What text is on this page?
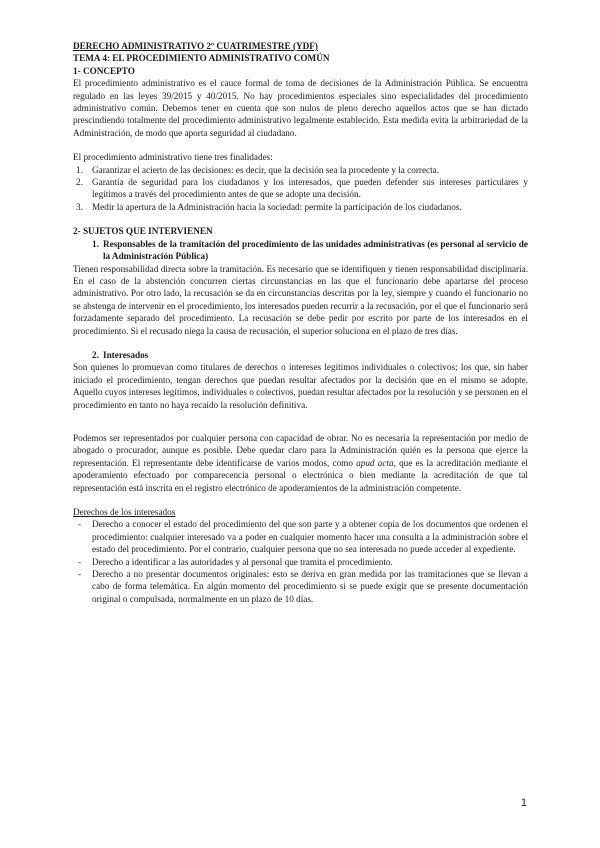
DERECHO ADMINISTRATIVO 2º CUATRIMESTRE (YDF)

TEMA 4: EL PROCEDIMIENTO ADMINISTRATIVO COMÚN

1- CONCEPTO

El procedimiento administrativo es el cauce formal de toma de decisiones de la Administración Pública. Se encuentra regulado en las leyes 39/2015 y 40/2015. No hay procedimientos especiales sino especialidades del procedimiento administrativo común. Debemos tener en cuenta que son nulos de pleno derecho aquellos actos que se han dictado prescindiendo totalmente del procedimiento administrativo legalmente establecido. Esta medida evita la arbitrariedad de la Administración, de modo que aporta seguridad al ciudadano.

El procedimiento administrativo tiene tres finalidades:

1. Garantizar el acierto de las decisiones: es decir, que la decisión sea la procedente y la correcta.
2. Garantía de seguridad para los ciudadanos y los interesados, que pueden defender sus intereses particulares y legítimos a través del procedimiento antes de que se adopte una decisión.
3. Medir la apertura de la Administración hacia la sociedad: permite la participación de los ciudadanos.

2- SUJETOS QUE INTERVIENEN

1. Responsables de la tramitación del procedimiento de las unidades administrativas (es personal al servicio de la Administración Pública)

Tienen responsabilidad directa sobre la tramitación. Es necesario que se identifiquen y tienen responsabilidad disciplinaria. En el caso de la abstención concurren ciertas circunstancias en las que el funcionario debe apartarse del proceso administrativo. Por otro lado, la recusación se da en circunstancias descritas por la ley, siempre y cuando el funcionario no se abstenga de intervenir en el procedimiento, los interesados pueden recurrir a la recusación, por el que el funcionario será forzadamente separado del procedimiento. La recusación se debe pedir por escrito por parte de los interesados en el procedimiento. Si el recusado niega la causa de recusación, el superior soluciona en el plazo de tres días.

2. Interesados

Son quienes lo promuevan como titulares de derechos o intereses legítimos individuales o colectivos; los que, sin haber iniciado el procedimiento, tengan derechos que puedan resultar afectados por la decisión que en el mismo se adopte. Aquello cuyos intereses legítimos, individuales o colectivos, puedan resultar afectados por la resolución y se personen en el procedimiento en tanto no haya recaído la resolución definitiva.

Podemos ser representados por cualquier persona con capacidad de obrar. No es necesaria la representación por medio de abogado o procurador, aunque es posible. Debe quedar claro para la Administración quién es la persona que ejerce la representación. El representante debe identificarse de varios modos, como apud acta, que es la acreditación mediante el apoderamiento efectuado por comparecencia personal o electrónica o bien mediante la acreditación de que tal representación está inscrita en el registro electrónico de apoderamientos de la administración competente.

Derechos de los interesados

- Derecho a conocer el estado del procedimiento del que son parte y a obtener copia de los documentos que ordenen el procedimiento: cualquier interesado va a poder en cualquier momento hacer una consulta a la administración sobre el estado del procedimiento. Por el contrario, cualquier persona que no sea interesada no puede acceder al expediente.
- Derecho a identificar a las autoridades y al personal que tramita el procedimiento.
- Derecho a no presentar documentos originales: esto se deriva en gran medida por las tramitaciones que se llevan a cabo de forma telemática. En algún momento del procedimiento si se puede exigir que se presente documentación original o compulsada, normalmente en un plazo de 10 días.
1
